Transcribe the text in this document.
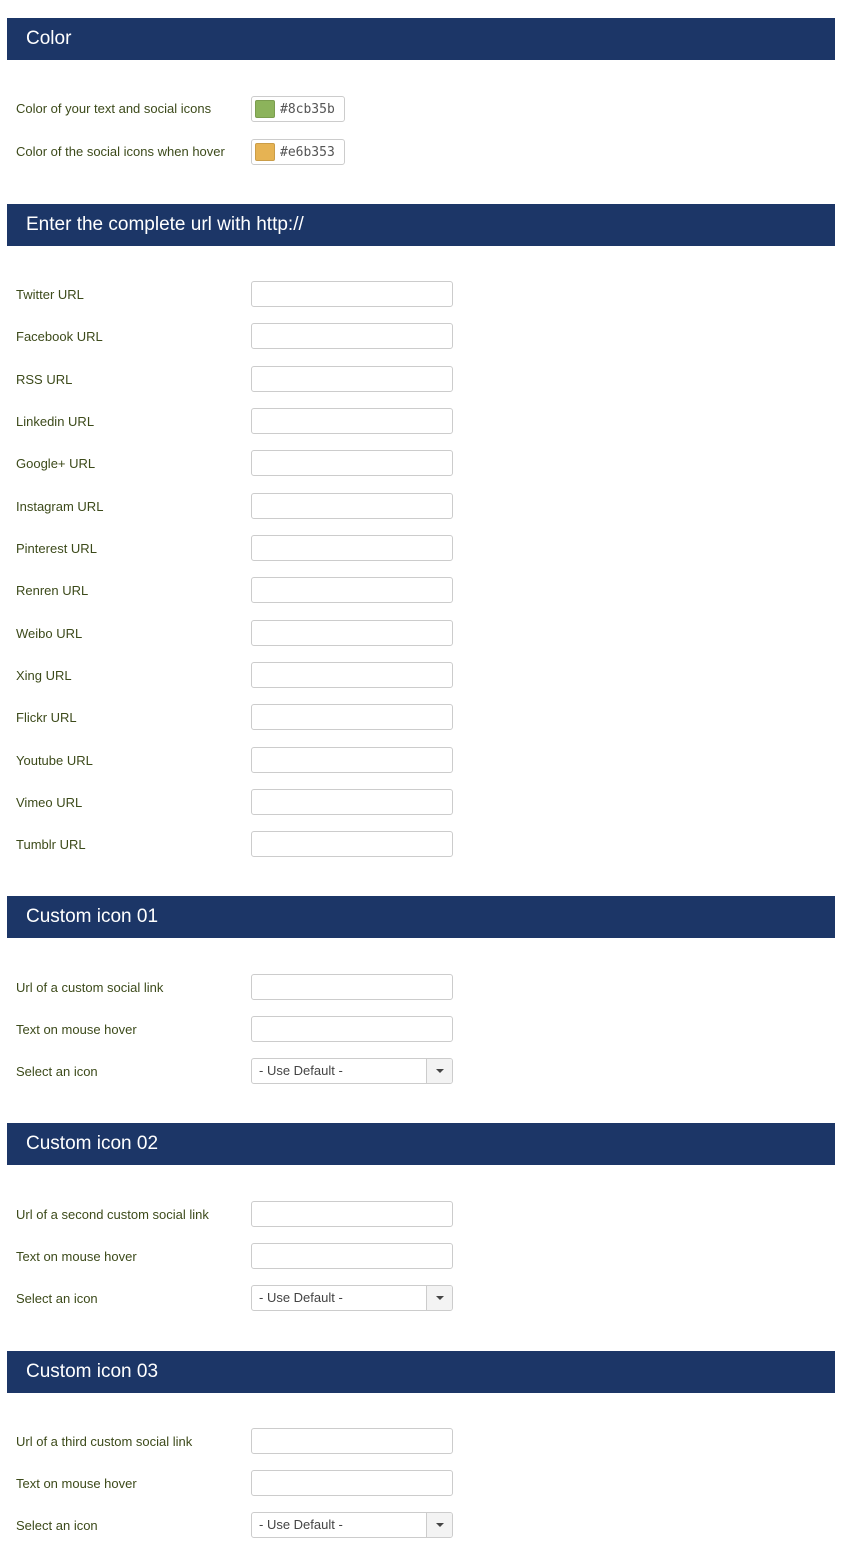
Color
Color of your text and social icons	#8cb35b
Color of the social icons when hover	#e6b353
Enter the complete url with http://
Twitter URL
Facebook URL
RSS URL
Linkedin URL
Google+ URL
Instagram URL
Pinterest URL
Renren URL
Weibo URL
Xing URL
Flickr URL
Youtube URL
Vimeo URL
Tumblr URL
Custom icon 01
Url of a custom social link
Text on mouse hover
Select an icon	- Use Default -
Custom icon 02
Url of a second custom social link
Text on mouse hover
Select an icon	- Use Default -
Custom icon 03
Url of a third custom social link
Text on mouse hover
Select an icon	- Use Default -
